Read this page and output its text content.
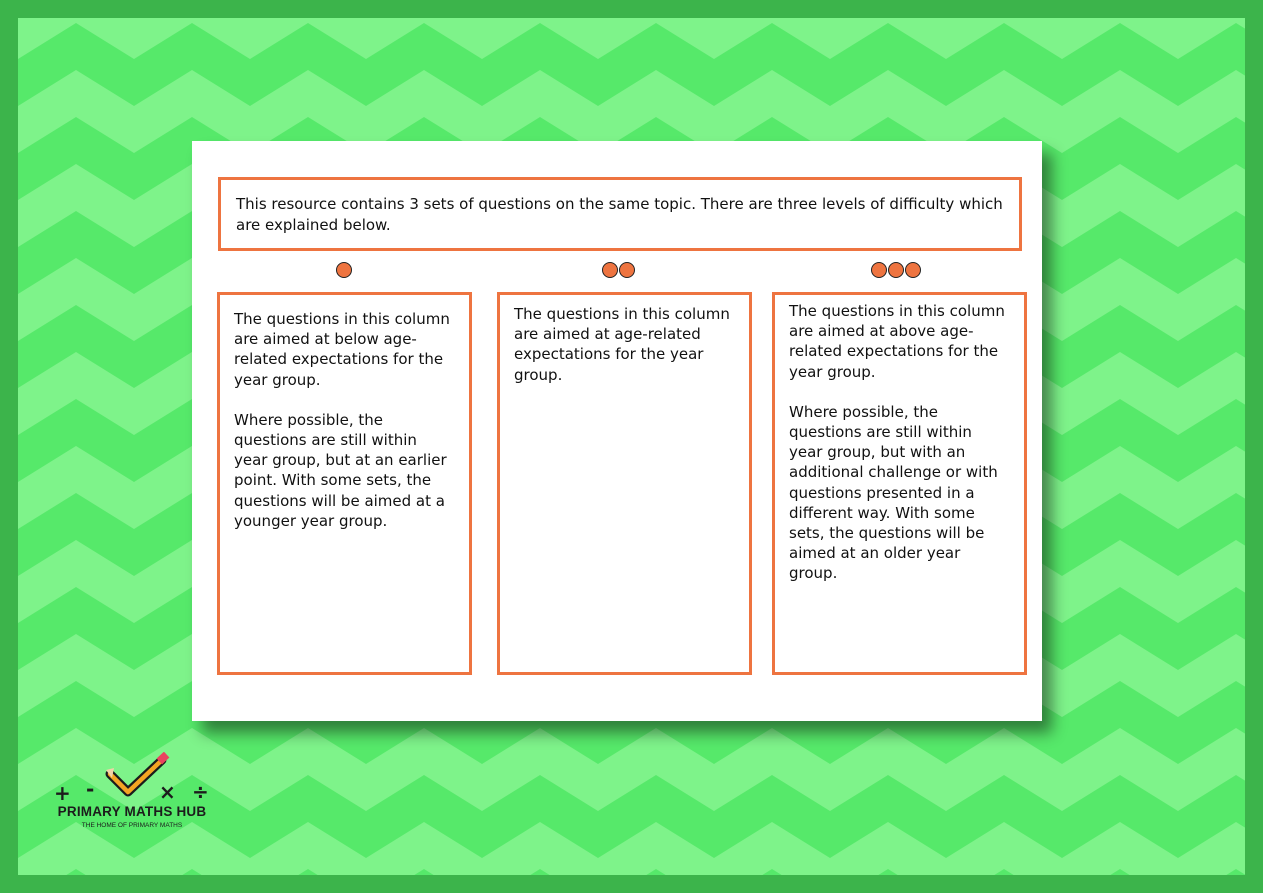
This resource contains 3 sets of questions on the same topic. There are three levels of difficulty which are explained below.

The questions in this column are aimed at below age-related expectations for the year group.

Where possible, the questions are still within year group, but at an earlier point. With some sets, the questions will be aimed at a younger year group.

The questions in this column are aimed at age-related expectations for the year group.

The questions in this column are aimed at above age-related expectations for the year group.

Where possible, the questions are still within year group, but with an additional challenge or with questions presented in a different way. With some sets, the questions will be aimed at an older year group.

+ -	× ÷
PRIMARY MATHS HUB
THE HOME OF PRIMARY MATHS
